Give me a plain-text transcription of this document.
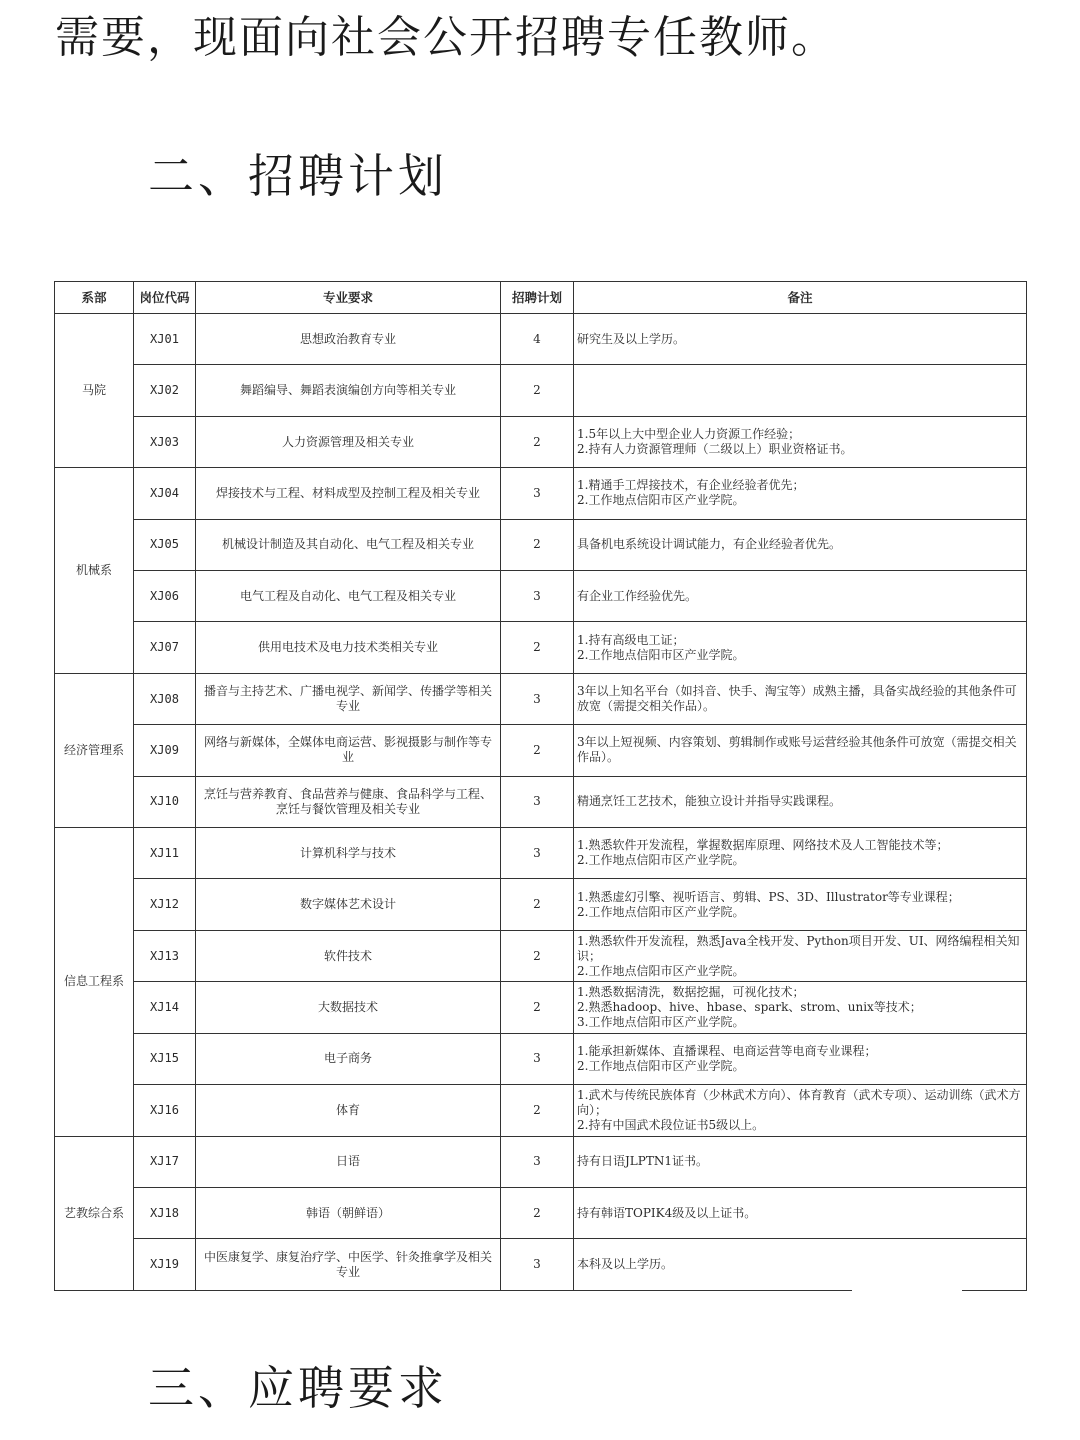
需要，现面向社会公开招聘专任教师。
二、招聘计划
系部	岗位代码	专业要求	招聘计划	备注
马院	XJ01	思想政治教育专业	4	研究生及以上学历。

	XJ02	舞蹈编导、舞蹈表演编创方向等相关专业	2	
	XJ03	人力资源管理及相关专业	2	1.5年以上大中型企业人力资源工作经验；
2.持有人力资源管理师（二级以上）职业资格证书。

机械系	XJ04	焊接技术与工程、材料成型及控制工程及相关专业	3	1.精通手工焊接技术，有企业经验者优先；
2.工作地点信阳市区产业学院。

	XJ05	机械设计制造及其自动化、电气工程及相关专业	2	具备机电系统设计调试能力，有企业经验者优先。

	XJ06	电气工程及自动化、电气工程及相关专业	3	有企业工作经验优先。

	XJ07	供用电技术及电力技术类相关专业	2	1.持有高级电工证；
2.工作地点信阳市区产业学院。

经济管理系	XJ08	播音与主持艺术、广播电视学、新闻学、传播学等相关专业	3	3年以上知名平台（如抖音、快手、淘宝等）成熟主播，具备实战经验的其他条件可放宽（需提交相关作品）。

	XJ09	网络与新媒体，全媒体电商运营、影视摄影与制作等专业	2	3年以上短视频、内容策划、剪辑制作或账号运营经验其他条件可放宽（需提交相关作品）。

	XJ10	烹饪与营养教育、食品营养与健康、食品科学与工程、烹饪与餐饮管理及相关专业	3	精通烹饪工艺技术，能独立设计并指导实践课程。

信息工程系	XJ11	计算机科学与技术	3	1.熟悉软件开发流程，掌握数据库原理、网络技术及人工智能技术等；
2.工作地点信阳市区产业学院。

	XJ12	数字媒体艺术设计	2	1.熟悉虚幻引擎、视听语言、剪辑、PS、3D、Illustrator等专业课程；
2.工作地点信阳市区产业学院。

	XJ13	软件技术	2	1.熟悉软件开发流程，熟悉Java全栈开发、Python项目开发、UI、网络编程相关知识；
2.工作地点信阳市区产业学院。

	XJ14	大数据技术	2	1.熟悉数据清洗，数据挖掘，可视化技术；
2.熟悉hadoop、hive、hbase、spark、strom、unix等技术；
3.工作地点信阳市区产业学院。

	XJ15	电子商务	3	1.能承担新媒体、直播课程、电商运营等电商专业课程；
2.工作地点信阳市区产业学院。

	XJ16	体育	2	1.武术与传统民族体育（少林武术方向）、体育教育（武术专项）、运动训练（武术方向）；
2.持有中国武术段位证书5级以上。

艺教综合系	XJ17	日语	3	持有日语JLPTN1证书。

	XJ18	韩语（朝鲜语）	2	持有韩语TOPIK4级及以上证书。

	XJ19	中医康复学、康复治疗学、中医学、针灸推拿学及相关专业	3	本科及以上学历。
三、应聘要求
